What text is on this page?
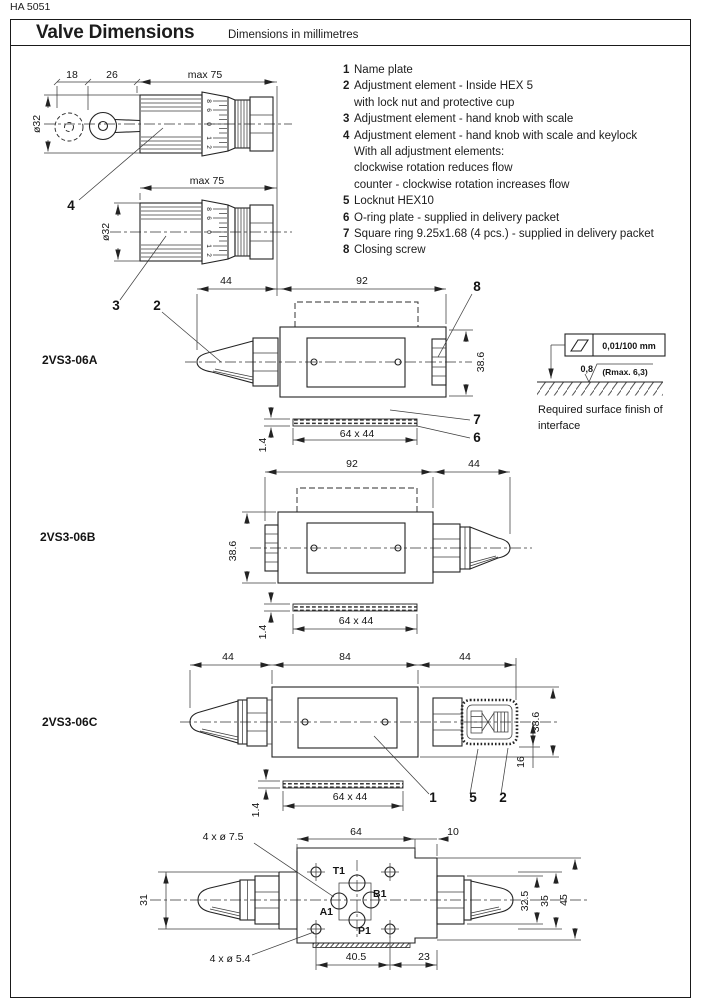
HA 5051
Valve Dimensions	Dimensions in millimetres
1 Name plate
2 Adjustment element - Inside HEX 5
with lock nut and protective cup
3 Adjustment element - hand knob with scale
4 Adjustment element - hand knob with scale and keylock
With all adjustment elements:
clockwise rotation reduces flow
counter - clockwise rotation increases flow
5 Locknut HEX10
6 O-ring plate - supplied in delivery packet
7 Square ring 9.25x1.68 (4 pcs.) - supplied in delivery packet
8 Closing screw
8
6
0
1
2
18	26	max 75
ø32
4	8
6
0
1
2
max 75
ø32
3
2VS3-06A
44	92
38.6
2
8
7
6
64 x 44
1.4
0,01/100 mm
0,8 (Rmax. 6,3)
Required surface finish of
interface
2VS3-06B
92	44
38.6
64 x 44
1.4
2VS3-06C
44	84	44
38.6
16
1 5 2
64 x 44
1.4
T1
B1
A1
P1
4 x ø 7.5
4 x ø 5.4
64	10
31
40.5	23
32.5 35 45
